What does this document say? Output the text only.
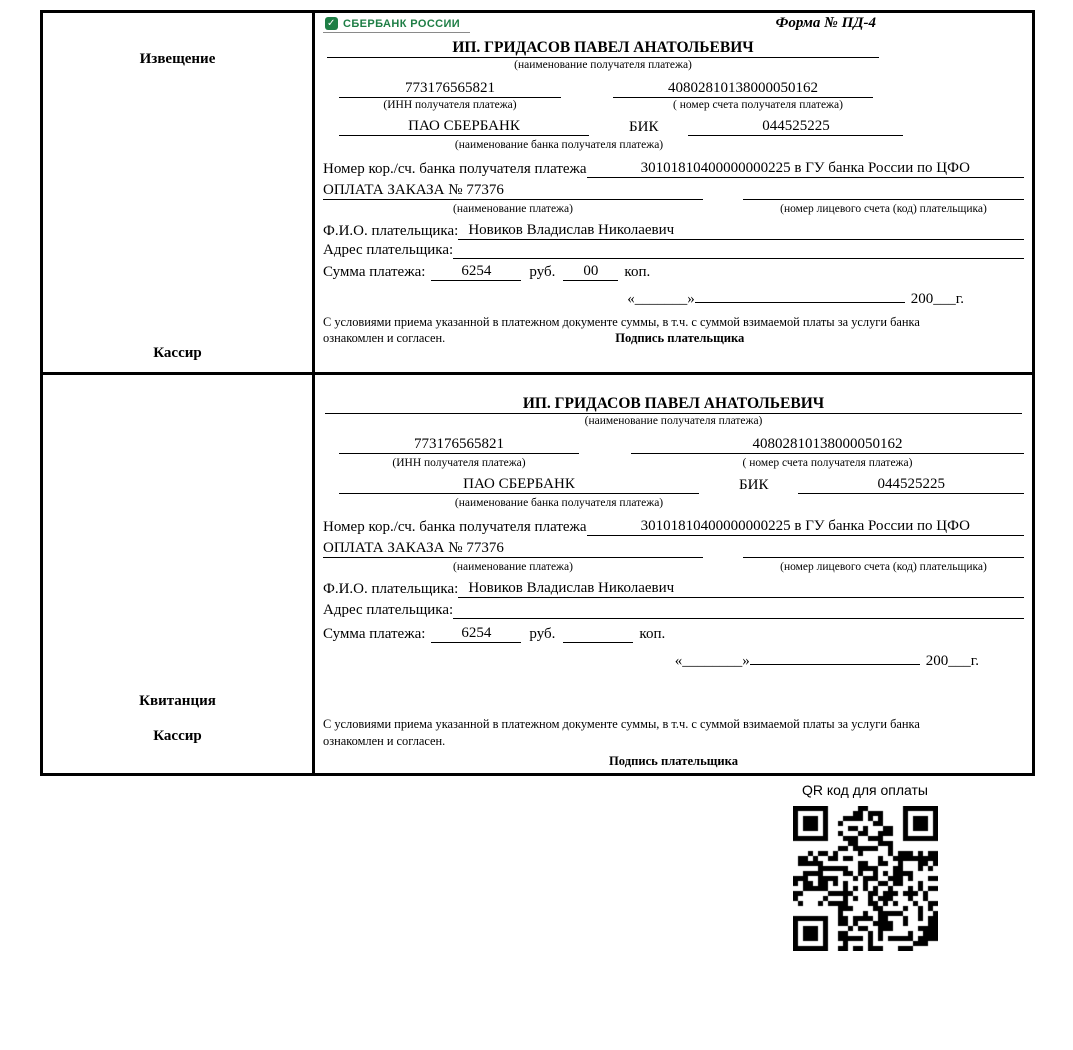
Извещение
Кассир
✓
СБЕРБАНК РОССИИ	Форма № ПД-4
ИП. ГРИДАСОВ ПАВЕЛ АНАТОЛЬЕВИЧ
(наименование получателя платежа)
773176565821	40802810138000050162
(ИНН получателя платежа)	( номер счета получателя платежа)
ПАО СБЕРБАНК	БИК	044525225
(наименование банка получателя платежа)
Номер кор./сч. банка получателя платежа	30101810400000000225 в ГУ банка России по ЦФО
ОПЛАТА ЗАКАЗА № 77376
(наименование платежа)	(номер лицевого счета (код) плательщика)
Ф.И.О. плательщика: Новиков Владислав Николаевич
Адрес плательщика:
Сумма платежа:	6254	руб.	00	коп.
«_______»	200___г.
С условиями приема указанной в платежном документе суммы, в т.ч. с суммой взимаемой платы за услуги банка
ознакомлен и согласен.	Подпись плательщика
Квитанция
Кассир
ИП. ГРИДАСОВ ПАВЕЛ АНАТОЛЬЕВИЧ
(наименование получателя платежа)
773176565821	40802810138000050162
(ИНН получателя платежа)	( номер счета получателя платежа)
ПАО СБЕРБАНК	БИК	044525225
(наименование банка получателя платежа)
Номер кор./сч. банка получателя платежа	30101810400000000225 в ГУ банка России по ЦФО
ОПЛАТА ЗАКАЗА № 77376
(наименование платежа)	(номер лицевого счета (код) плательщика)
Ф.И.О. плательщика: Новиков Владислав Николаевич
Адрес плательщика:
Сумма платежа:	6254	руб.	коп.
«________»	200___г.
С условиями приема указанной в платежном документе суммы, в т.ч. с суммой взимаемой платы за услуги банка
ознакомлен и согласен.
Подпись плательщика
QR код для оплаты
